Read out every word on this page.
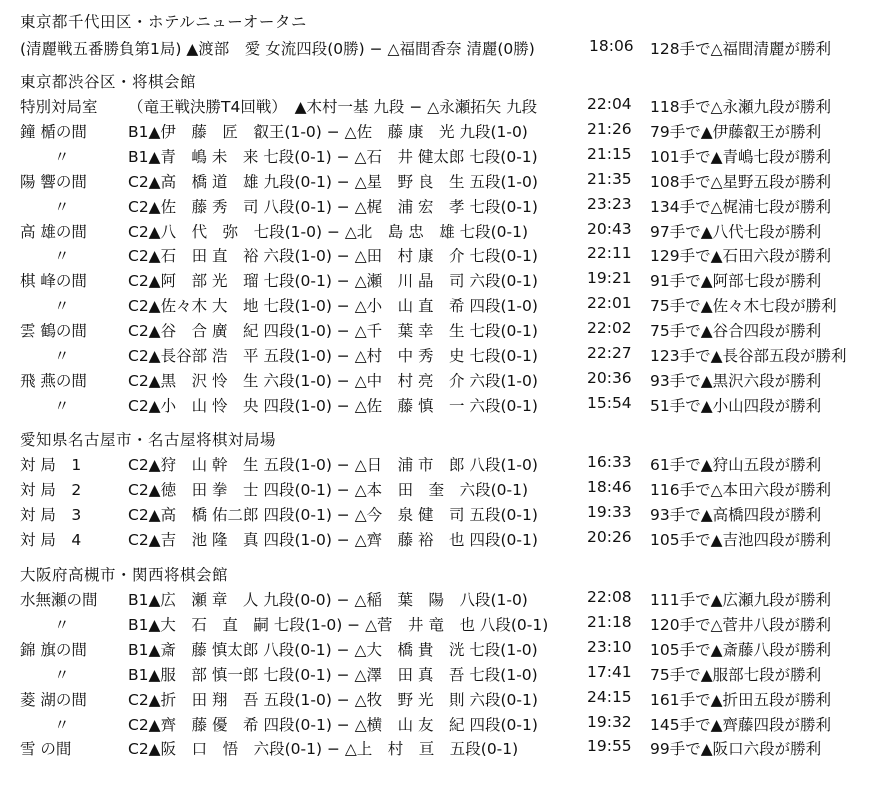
東京都千代田区・ホテルニューオータニ
(清麗戦五番勝負第1局) ▲渡部　愛 女流四段(0勝) − △福間香奈 清麗(0勝)	18:06	128手で△福間清麗が勝利
東京都渋谷区・将棋会館
特別対局室	（竜王戦決勝T4回戦）　▲木村一基 九段 − △永瀬拓矢 九段	22:04	118手で△永瀬九段が勝利
鐘 楯の間	B1▲伊　藤　匠　叡王(1-0) − △佐　藤 康　光 九段(1-0)	21:26	79手で▲伊藤叡王が勝利
〃	B1▲青　嶋 未　来 七段(0-1) − △石　井 健太郎 七段(0-1)	21:15	101手で▲青嶋七段が勝利
陽 響の間	C2▲高　橋 道　雄 九段(0-1) − △星　野 良　生 五段(1-0)	21:35	108手で△星野五段が勝利
〃	C2▲佐　藤 秀　司 八段(0-1) − △梶　浦 宏　孝 七段(0-1)	23:23	134手で△梶浦七段が勝利
高 雄の間	C2▲八　代　弥　七段(1-0) − △北　島 忠　雄 七段(0-1)	20:43	97手で▲八代七段が勝利
〃	C2▲石　田 直　裕 六段(1-0) − △田　村 康　介 七段(0-1)	22:11	129手で▲石田六段が勝利
棋 峰の間	C2▲阿　部 光　瑠 七段(0-1) − △瀬　川 晶　司 六段(0-1)	19:21	91手で▲阿部七段が勝利
〃	C2▲佐々木 大　地 七段(1-0) − △小　山 直　希 四段(1-0)	22:01	75手で▲佐々木七段が勝利
雲 鶴の間	C2▲谷　合 廣　紀 四段(1-0) − △千　葉 幸　生 七段(0-1)	22:02	75手で▲谷合四段が勝利
〃	C2▲長谷部 浩　平 五段(1-0) − △村　中 秀　史 七段(0-1)	22:27	123手で▲長谷部五段が勝利
飛 燕の間	C2▲黒　沢 怜　生 六段(1-0) − △中　村 亮　介 六段(1-0)	20:36	93手で▲黒沢六段が勝利
〃	C2▲小　山 怜　央 四段(1-0) − △佐　藤 慎　一 六段(0-1)	15:54	51手で▲小山四段が勝利
愛知県名古屋市・名古屋将棋対局場
対 局　1	C2▲狩　山 幹　生 五段(1-0) − △日　浦 市　郎 八段(1-0)	16:33	61手で▲狩山五段が勝利
対 局　2	C2▲徳　田 拳　士 四段(0-1) − △本　田　奎　六段(0-1)	18:46	116手で△本田六段が勝利
対 局　3	C2▲高　橋 佑二郎 四段(0-1) − △今　泉 健　司 五段(0-1)	19:33	93手で▲高橋四段が勝利
対 局　4	C2▲吉　池 隆　真 四段(1-0) − △齊　藤 裕　也 四段(0-1)	20:26	105手で▲吉池四段が勝利
大阪府高槻市・関西将棋会館
水無瀬の間	B1▲広　瀬 章　人 九段(0-0) − △稲　葉　陽　八段(1-0)	22:08	111手で▲広瀬九段が勝利
〃	B1▲大　石　直　嗣 七段(1-0) − △菅　井 竜　也 八段(0-1)	21:18	120手で△菅井八段が勝利
錦 旗の間	B1▲斎　藤 慎太郎 八段(0-1) − △大　橋 貴　洸 七段(1-0)	23:10	105手で▲斎藤八段が勝利
〃	B1▲服　部 慎一郎 七段(0-1) − △澤　田 真　吾 七段(1-0)	17:41	75手で▲服部七段が勝利
菱 湖の間	C2▲折　田 翔　吾 五段(1-0) − △牧　野 光　則 六段(0-1)	24:15	161手で▲折田五段が勝利
〃	C2▲齊　藤 優　希 四段(0-1) − △横　山 友　紀 四段(0-1)	19:32	145手で▲齊藤四段が勝利
雪 の間	C2▲阪　口　悟　六段(0-1) − △上　村　亘　五段(0-1)	19:55	99手で▲阪口六段が勝利
